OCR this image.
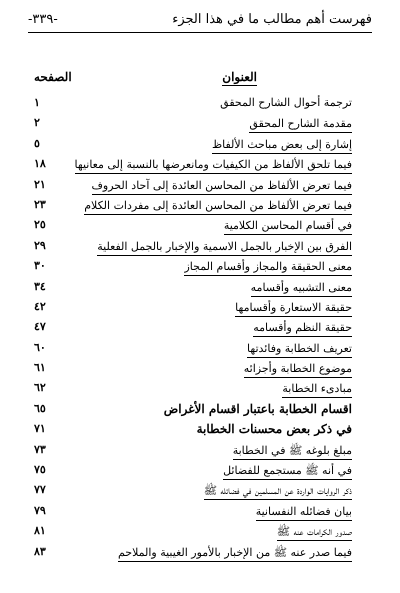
فهرست أهم مطالب ما في هذا الجزء
-٣٣٩-
العنوان
الصفحه
ترجمة أحوال الشارح المحقق
١
مقدمة الشارح المحقق
٢
إشارة إلى بعض مباحث الألفاظ
٥
فيما تلحق الألفاظ من الكيفيات ومانعرضها بالنسبة إلى معانيها
١٨
فيما تعرض الألفاظ من المحاسن العائدة إلى آحاد الحروف
٢١
فيما تعرض الألفاظ من المحاسن العائدة إلى مفردات الكلام
٢٣
في أقسام المحاسن الكلامية
٢٥
الفرق بين الإخبار بالجمل الاسمية والإخبار بالجمل الفعلية
٢٩
معنى الحقيقة والمجاز وأقسام المجاز
٣٠
معنى التشبيه وأقسامه
٣٤
حقيقة الاستعارة وأقسامها
٤٢
حقيقة النظم وأقسامه
٤٧
تعريف الخطابة وفائدتها
٦٠
موضوع الخطابة وأجزائه
٦١
مبادىء الخطابة
٦٢
اقسام الخطابة باعتبار اقسام الأغراض
٦٥
في ذكر بعض محسنات الخطابة
٧١
مبلغ بلوغه ﷺ في الخطابة
٧٣
في أنه ﷺ مستجمع للفضائل
٧٥
ذكر الروايات الواردة عن المسلمين في فضائله ﷺ
٧٧
بيان فضائله النفسانية
٧٩
صدور الكرامات عنه ﷺ
٨١
فيما صدر عنه ﷺ من الإخبار بالأمور الغيبية والملاحم
٨٣
